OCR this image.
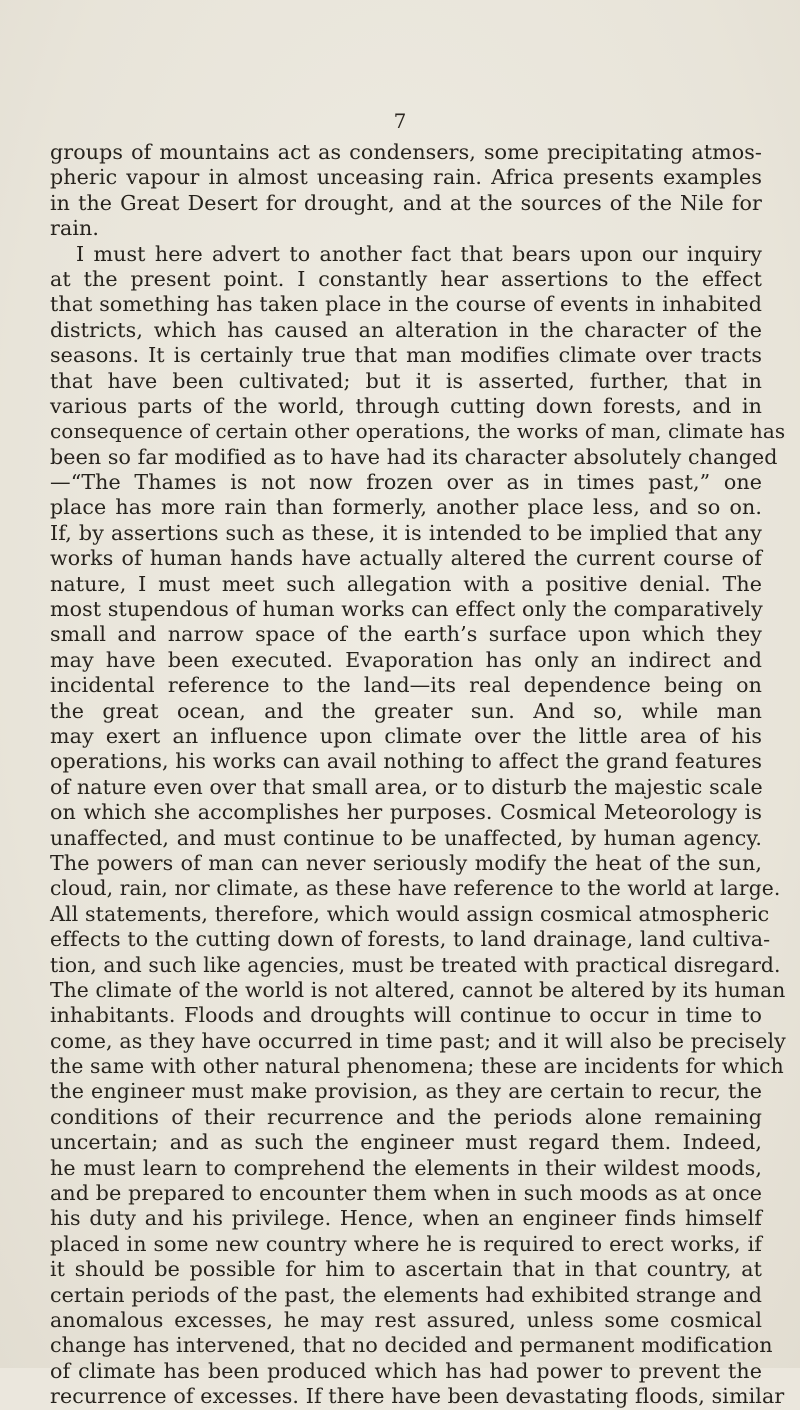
7
groups of mountains act as condensers, some precipitating atmos-
pheric vapour in almost unceasing rain. Africa presents examples
in the Great Desert for drought, and at the sources of the Nile for
rain.
I must here advert to another fact that bears upon our inquiry
at the present point. I constantly hear assertions to the effect
that something has taken place in the course of events in inhabited
districts, which has caused an alteration in the character of the
seasons. It is certainly true that man modifies climate over tracts
that have been cultivated; but it is asserted, further, that in
various parts of the world, through cutting down forests, and in
consequence of certain other operations, the works of man, climate has
been so far modified as to have had its character absolutely changed
—“The Thames is not now frozen over as in times past,” one
place has more rain than formerly, another place less, and so on.
If, by assertions such as these, it is intended to be implied that any
works of human hands have actually altered the current course of
nature, I must meet such allegation with a positive denial. The
most stupendous of human works can effect only the comparatively
small and narrow space of the earth’s surface upon which they
may have been executed. Evaporation has only an indirect and
incidental reference to the land—its real dependence being on
the great ocean, and the greater sun. And so, while man
may exert an influence upon climate over the little area of his
operations, his works can avail nothing to affect the grand features
of nature even over that small area, or to disturb the majestic scale
on which she accomplishes her purposes. Cosmical Meteorology is
unaffected, and must continue to be unaffected, by human agency.
The powers of man can never seriously modify the heat of the sun,
cloud, rain, nor climate, as these have reference to the world at large.
All statements, therefore, which would assign cosmical atmospheric
effects to the cutting down of forests, to land drainage, land cultiva-
tion, and such like agencies, must be treated with practical disregard.
The climate of the world is not altered, cannot be altered by its human
inhabitants. Floods and droughts will continue to occur in time to
come, as they have occurred in time past; and it will also be precisely
the same with other natural phenomena; these are incidents for which
the engineer must make provision, as they are certain to recur, the
conditions of their recurrence and the periods alone remaining
uncertain; and as such the engineer must regard them. Indeed,
he must learn to comprehend the elements in their wildest moods,
and be prepared to encounter them when in such moods as at once
his duty and his privilege. Hence, when an engineer finds himself
placed in some new country where he is required to erect works, if
it should be possible for him to ascertain that in that country, at
certain periods of the past, the elements had exhibited strange and
anomalous excesses, he may rest assured, unless some cosmical
change has intervened, that no decided and permanent modification
of climate has been produced which has had power to prevent the
recurrence of excesses. If there have been devastating floods, similar
